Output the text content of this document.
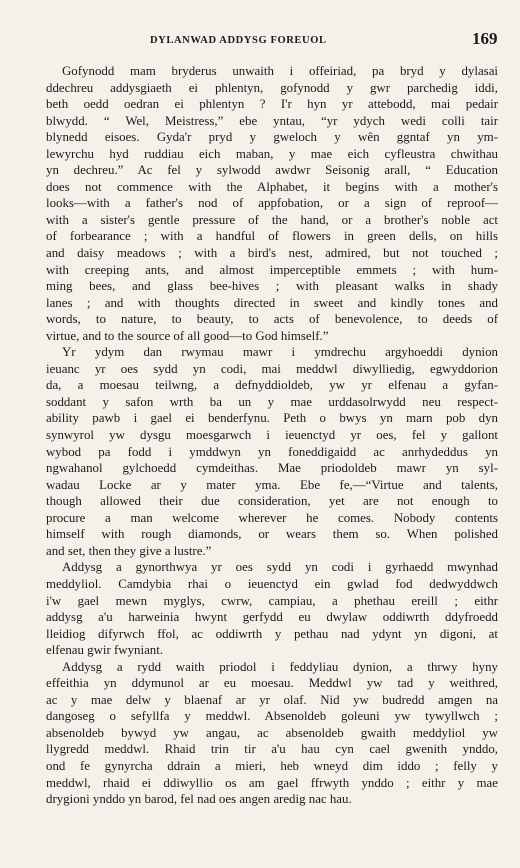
DYLANWAD ADDYSG FOREUOL	169
Gofynodd mam bryderus unwaith i offeiriad, pa bryd y dylasai
ddechreu addysgiaeth ei phlentyn, gofynodd y gwr parchedig iddi,
beth oedd oedran ei phlentyn ? I'r hyn yr attebodd, mai pedair
blwydd. “ Wel, Meistress,” ebe yntau, “yr ydych wedi colli tair
blynedd eisoes. Gyda'r pryd y gweloch y wên ggntaf yn ym-
lewyrchu hyd ruddiau eich maban, y mae eich cyfleustra chwithau
yn dechreu.” Ac fel y sylwodd awdwr Seisonig arall, “ Education
does not commence with the Alphabet, it begins with a mother's
looks—with a father's nod of appfobation, or a sign of reproof—
with a sister's gentle pressure of the hand, or a brother's noble act
of forbearance ; with a handful of flowers in green dells, on hills
and daisy meadows ; with a bird's nest, admired, but not touched ;
with creeping ants, and almost imperceptible emmets ; with hum-
ming bees, and glass bee-hives ; with pleasant walks in shady
lanes ; and with thoughts directed in sweet and kindly tones and
words, to nature, to beauty, to acts of benevolence, to deeds of
virtue, and to the source of all good—to God himself.”
Yr ydym dan rwymau mawr i ymdrechu argyhoeddi dynion
ieuanc yr oes sydd yn codi, mai meddwl diwylliedig, egwyddorion
da, a moesau teilwng, a defnyddioldeb, yw yr elfenau a gyfan-
soddant y safon wrth ba un y mae urddasolrwydd neu respect-
ability pawb i gael ei benderfynu. Peth o bwys yn marn pob dyn
synwyrol yw dysgu moesgarwch i ieuenctyd yr oes, fel y gallont
wybod pa fodd i ymddwyn yn foneddigaidd ac anrhydeddus yn
ngwahanol gylchoedd cymdeithas. Mae priodoldeb mawr yn syl-
wadau Locke ar y mater yma. Ebe fe,—“Virtue and talents,
though allowed their due consideration, yet are not enough to
procure a man welcome wherever he comes. Nobody contents
himself with rough diamonds, or wears them so. When polished
and set, then they give a lustre.”
Addysg a gynorthwya yr oes sydd yn codi i gyrhaedd mwynhad
meddyliol. Camdybia rhai o ieuenctyd ein gwlad fod dedwyddwch
i'w gael mewn myglys, cwrw, campiau, a phethau ereill ; eithr
addysg a'u harweinia hwynt gerfydd eu dwylaw oddiwrth ddyfroedd
lleidiog difyrwch ffol, ac oddiwrth y pethau nad ydynt yn digoni, at
elfenau gwir fwyniant.
Addysg a rydd waith priodol i feddyliau dynion, a thrwy hyny
effeithia yn ddymunol ar eu moesau. Meddwl yw tad y weithred,
ac y mae delw y blaenaf ar yr olaf. Nid yw budredd amgen na
dangoseg o sefyllfa y meddwl. Absenoldeb goleuni yw tywyllwch ;
absenoldeb bywyd yw angau, ac absenoldeb gwaith meddyliol yw
llygredd meddwl. Rhaid trin tir a'u hau cyn cael gwenith ynddo,
ond fe gynyrcha ddrain a mieri, heb wneyd dim iddo ; felly y
meddwl, rhaid ei ddiwyllio os am gael ffrwyth ynddo ; eithr y mae
drygioni ynddo yn barod, fel nad oes angen aredig nac hau.
